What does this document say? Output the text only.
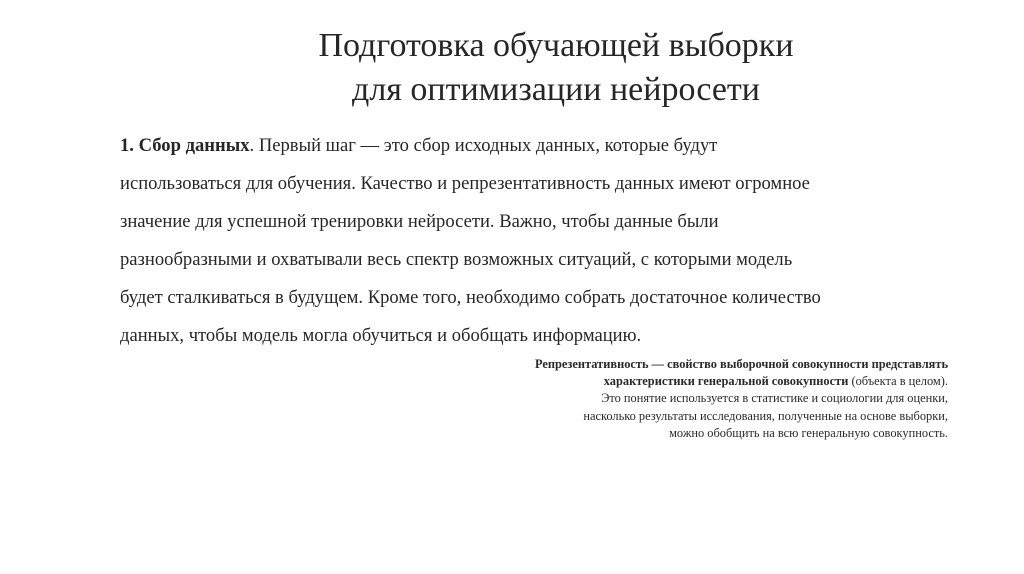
Подготовка обучающей выборки
для оптимизации нейросети
1. Сбор данных. Первый шаг — это сбор исходных данных, которые будут
использоваться для обучения. Качество и репрезентативность данных имеют огромное
значение для успешной тренировки нейросети. Важно, чтобы данные были
разнообразными и охватывали весь спектр возможных ситуаций, с которыми модель
будет сталкиваться в будущем. Кроме того, необходимо собрать достаточное количество
данных, чтобы модель могла обучиться и обобщать информацию.
Репрезентативность — свойство выборочной совокупности представлять
характеристики генеральной совокупности (объекта в целом).
Это понятие используется в статистике и социологии для оценки,
насколько результаты исследования, полученные на основе выборки,
можно обобщить на всю генеральную совокупность.
